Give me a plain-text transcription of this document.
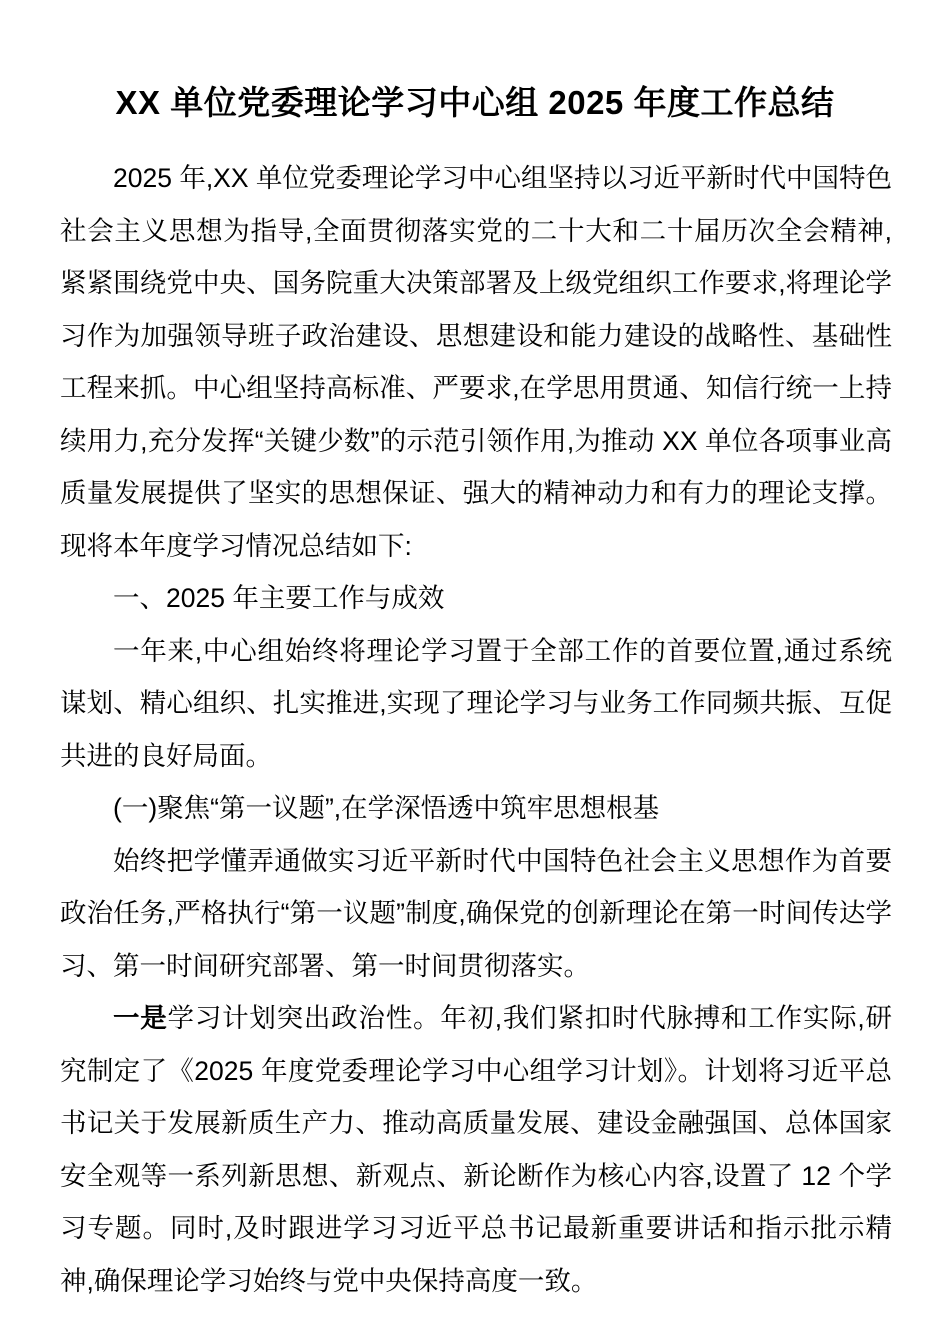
XX 单位党委理论学习中心组 2025 年度工作总结

2025 年,XX 单位党委理论学习中心组坚持以习近平新时代中国特色社会主义思想为指导,全面贯彻落实党的二十大和二十届历次全会精神,紧紧围绕党中央、国务院重大决策部署及上级党组织工作要求,将理论学习作为加强领导班子政治建设、思想建设和能力建设的战略性、基础性工程来抓。中心组坚持高标准、严要求,在学思用贯通、知信行统一上持续用力,充分发挥“关键少数”的示范引领作用,为推动 XX 单位各项事业高质量发展提供了坚实的思想保证、强大的精神动力和有力的理论支撑。现将本年度学习情况总结如下:

一、2025 年主要工作与成效

一年来,中心组始终将理论学习置于全部工作的首要位置,通过系统谋划、精心组织、扎实推进,实现了理论学习与业务工作同频共振、互促共进的良好局面。

(一)聚焦“第一议题”,在学深悟透中筑牢思想根基

始终把学懂弄通做实习近平新时代中国特色社会主义思想作为首要政治任务,严格执行“第一议题”制度,确保党的创新理论在第一时间传达学习、第一时间研究部署、第一时间贯彻落实。

一是学习计划突出政治性。年初,我们紧扣时代脉搏和工作实际,研究制定了《2025 年度党委理论学习中心组学习计划》。计划将习近平总书记关于发展新质生产力、推动高质量发展、建设金融强国、总体国家安全观等一系列新思想、新观点、新论断作为核心内容,设置了 12 个学习专题。同时,及时跟进学习习近平总书记最新重要讲话和指示批示精神,确保理论学习始终与党中央保持高度一致。
